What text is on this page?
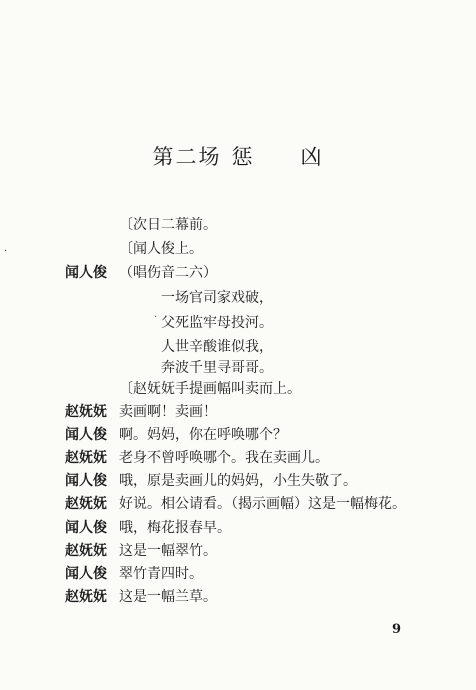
第二场 惩 凶
〔次日二幕前。
〔闻人俊上。
闻人俊 （唱伤音二六）
一场官司家戏破，
父死监牢母投河。
人世辛酸谁似我，
奔波千里寻哥哥。
〔赵妩妩手提画幅叫卖而上。
赵妩妩 卖画啊！卖画！
闻人俊 啊。妈妈，你在呼唤哪个？
赵妩妩 老身不曾呼唤哪个。我在卖画儿。
闻人俊 哦，原是卖画儿的妈妈，小生失敬了。
赵妩妩 好说。相公请看。（揭示画幅）这是一幅梅花。
闻人俊 哦，梅花报春早。
赵妩妩 这是一幅翠竹。
闻人俊 翠竹青四时。
赵妩妩 这是一幅兰草。
9
·
·
